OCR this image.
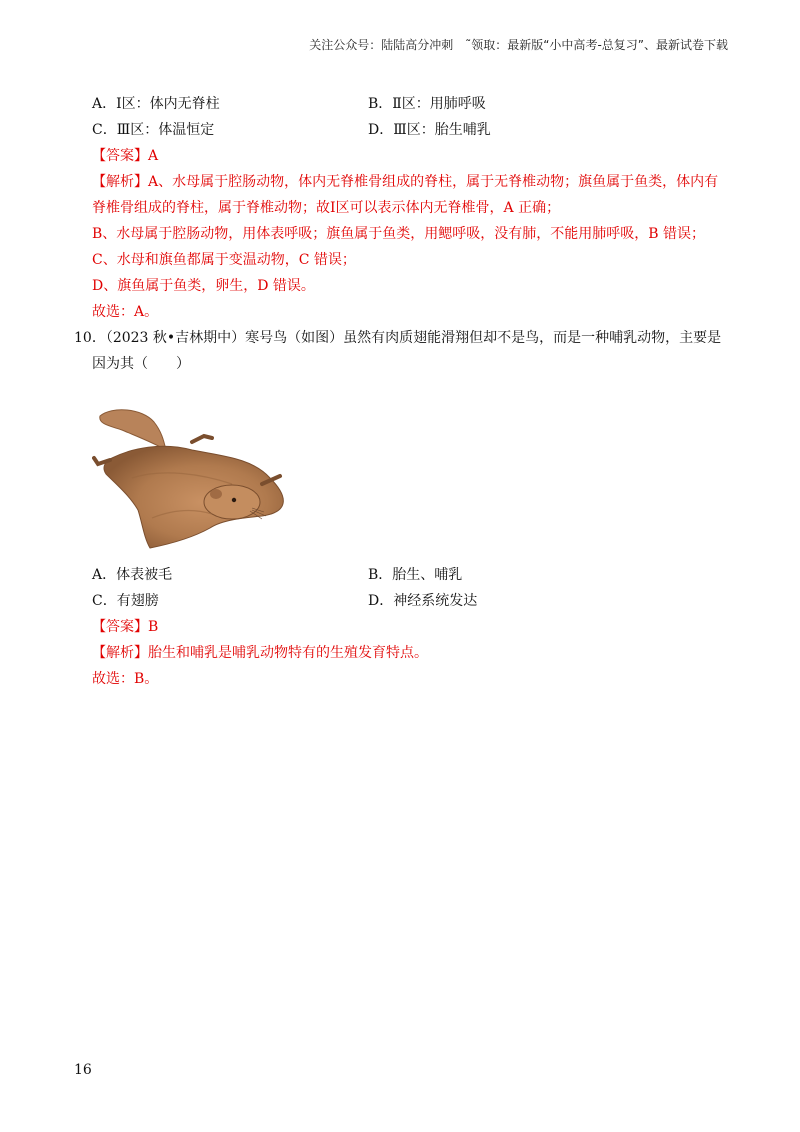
关注公众号：陆陆高分冲刺　˜领取：最新版“小中高考-总复习”、最新试卷下载
A．Ⅰ区：体内无脊柱	B．Ⅱ区：用肺呼吸
C．Ⅲ区：体温恒定	D．Ⅲ区：胎生哺乳
【答案】A
【解析】A、水母属于腔肠动物，体内无脊椎骨组成的脊柱，属于无脊椎动物；旗鱼属于鱼类，体内有
脊椎骨组成的脊柱，属于脊椎动物；故Ⅰ区可以表示体内无脊椎骨，A 正确；
B、水母属于腔肠动物，用体表呼吸；旗鱼属于鱼类，用鳃呼吸，没有肺，不能用肺呼吸，B 错误；
C、水母和旗鱼都属于变温动物，C 错误；
D、旗鱼属于鱼类，卵生，D 错误。
故选：A。
10．（2023 秋•吉林期中）寒号鸟（如图）虽然有肉质翅能滑翔但却不是鸟，而是一种哺乳动物，主要是
因为其（　　）
A．体表被毛	B．胎生、哺乳
C．有翅膀	D．神经系统发达
【答案】B
【解析】胎生和哺乳是哺乳动物特有的生殖发育特点。
故选：B。
16
